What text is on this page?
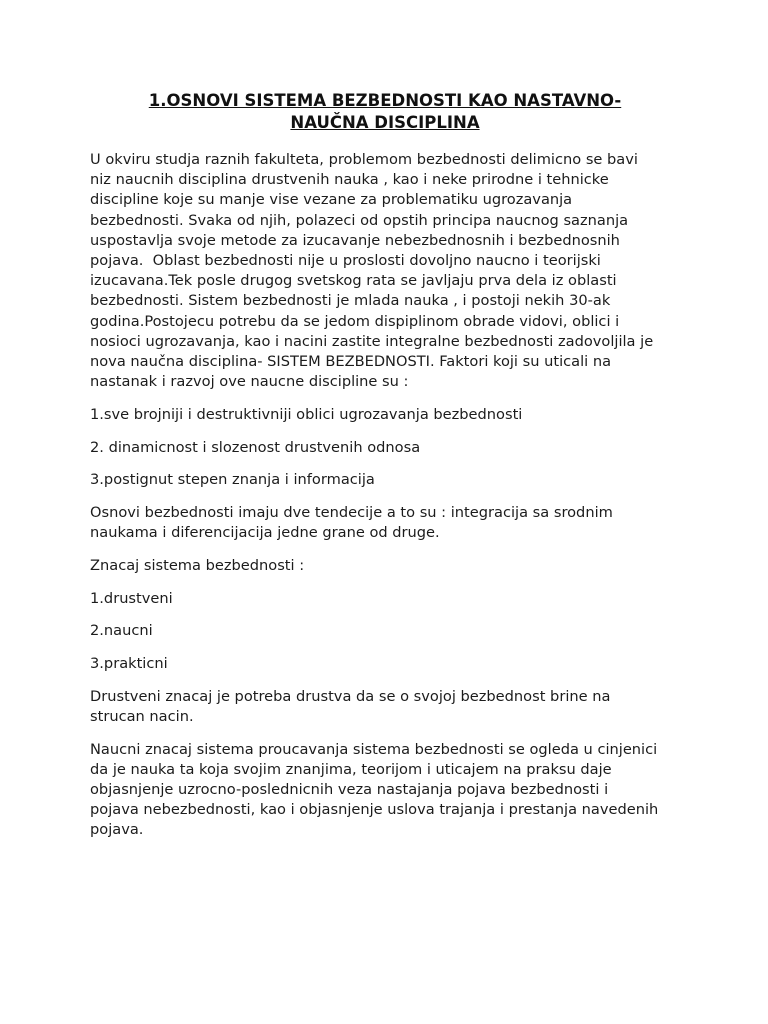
1.OSNOVI SISTEMA BEZBEDNOSTI KAO NASTAVNO-
NAUČNA DISCIPLINA

U okviru studja raznih fakulteta, problemom bezbednosti delimicno se bavi
niz naucnih disciplina drustvenih nauka , kao i neke prirodne i tehnicke
discipline koje su manje vise vezane za problematiku ugrozavanja
bezbednosti. Svaka od njih, polazeci od opstih principa naucnog saznanja
uspostavlja svoje metode za izucavanje nebezbednosnih i bezbednosnih
pojava.  Oblast bezbednosti nije u proslosti dovoljno naucno i teorijski
izucavana.Tek posle drugog svetskog rata se javljaju prva dela iz oblasti
bezbednosti. Sistem bezbednosti je mlada nauka , i postoji nekih 30-ak
godina.Postojecu potrebu da se jedom dispiplinom obrade vidovi, oblici i
nosioci ugrozavanja, kao i nacini zastite integralne bezbednosti zadovoljila je
nova naučna disciplina- SISTEM BEZBEDNOSTI. Faktori koji su uticali na
nastanak i razvoj ove naucne discipline su :

1.sve brojniji i destruktivniji oblici ugrozavanja bezbednosti

2. dinamicnost i slozenost drustvenih odnosa

3.postignut stepen znanja i informacija

Osnovi bezbednosti imaju dve tendecije a to su : integracija sa srodnim
naukama i diferencijacija jedne grane od druge.

Znacaj sistema bezbednosti :

1.drustveni

2.naucni

3.prakticni

Drustveni znacaj je potreba drustva da se o svojoj bezbednost brine na
strucan nacin.

Naucni znacaj sistema proucavanja sistema bezbednosti se ogleda u cinjenici
da je nauka ta koja svojim znanjima, teorijom i uticajem na praksu daje
objasnjenje uzrocno-poslednicnih veza nastajanja pojava bezbednosti i
pojava nebezbednosti, kao i objasnjenje uslova trajanja i prestanja navedenih
pojava.
